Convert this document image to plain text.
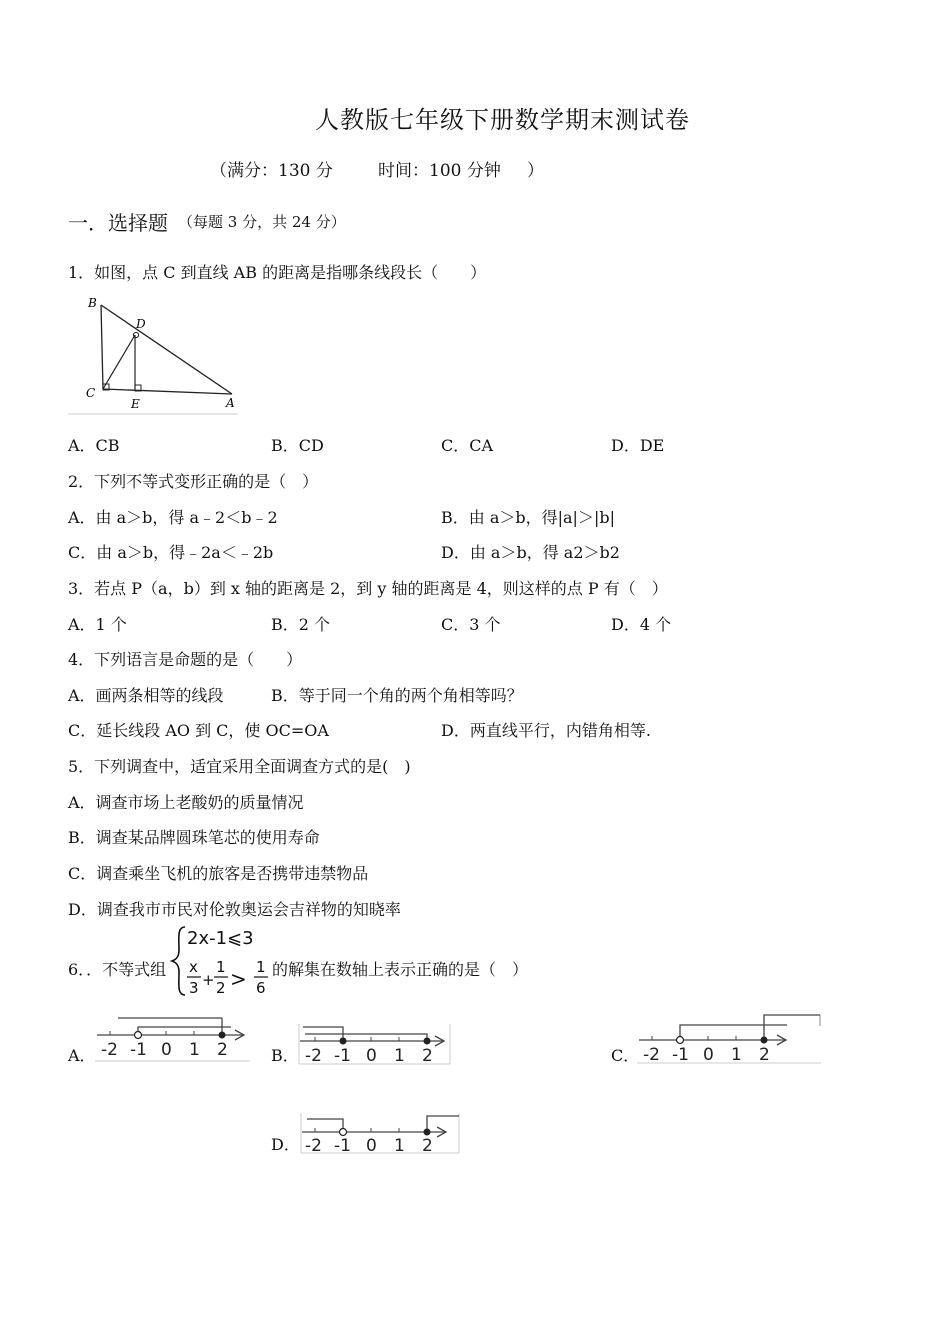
人教版七年级下册数学期末测试卷
（满分：130 分	时间：100 分钟 ）
一．选择题 （每题 3 分，共 24 分）
1．如图，点 C 到直线 AB 的距离是指哪条线段长（　　）
B
D
C
E	A
A．CB	B．CD	C．CA	D．DE
2．下列不等式变形正确的是（　）
A．由 a＞b，得 a﹣2＜b﹣2	B．由 a＞b，得|a|＞|b|
C．由 a＞b，得﹣2a＜﹣2b	D．由 a＞b，得 a2＞b2
3．若点 P（a，b）到 x 轴的距离是 2，到 y 轴的距离是 4，则这样的点 P 有（　）
A．1 个	B．2 个	C．3 个	D．4 个
4．下列语言是命题的是（　　）
A．画两条相等的线段	B．等于同一个角的两个角相等吗？
C．延长线段 AO 到 C，使 OC=OA	D．两直线平行，内错角相等.
5．下列调查中，适宜采用全面调查方式的是(　)
A．调查市场上老酸奶的质量情况
B．调查某品牌圆珠笔芯的使用寿命
C．调查乘坐飞机的旅客是否携带违禁物品
D．调查我市市民对伦敦奥运会吉祥物的知晓率
6．．不等式组
2x-1⩽3
x
3 +
1
2 > 1
6
的解集在数轴上表示正确的是（　）
A． -2 -1 0 1 2	B． -2 -1 0 1 2	C． -2 -1 0 1 2
D． -2 -1 0 1 2
